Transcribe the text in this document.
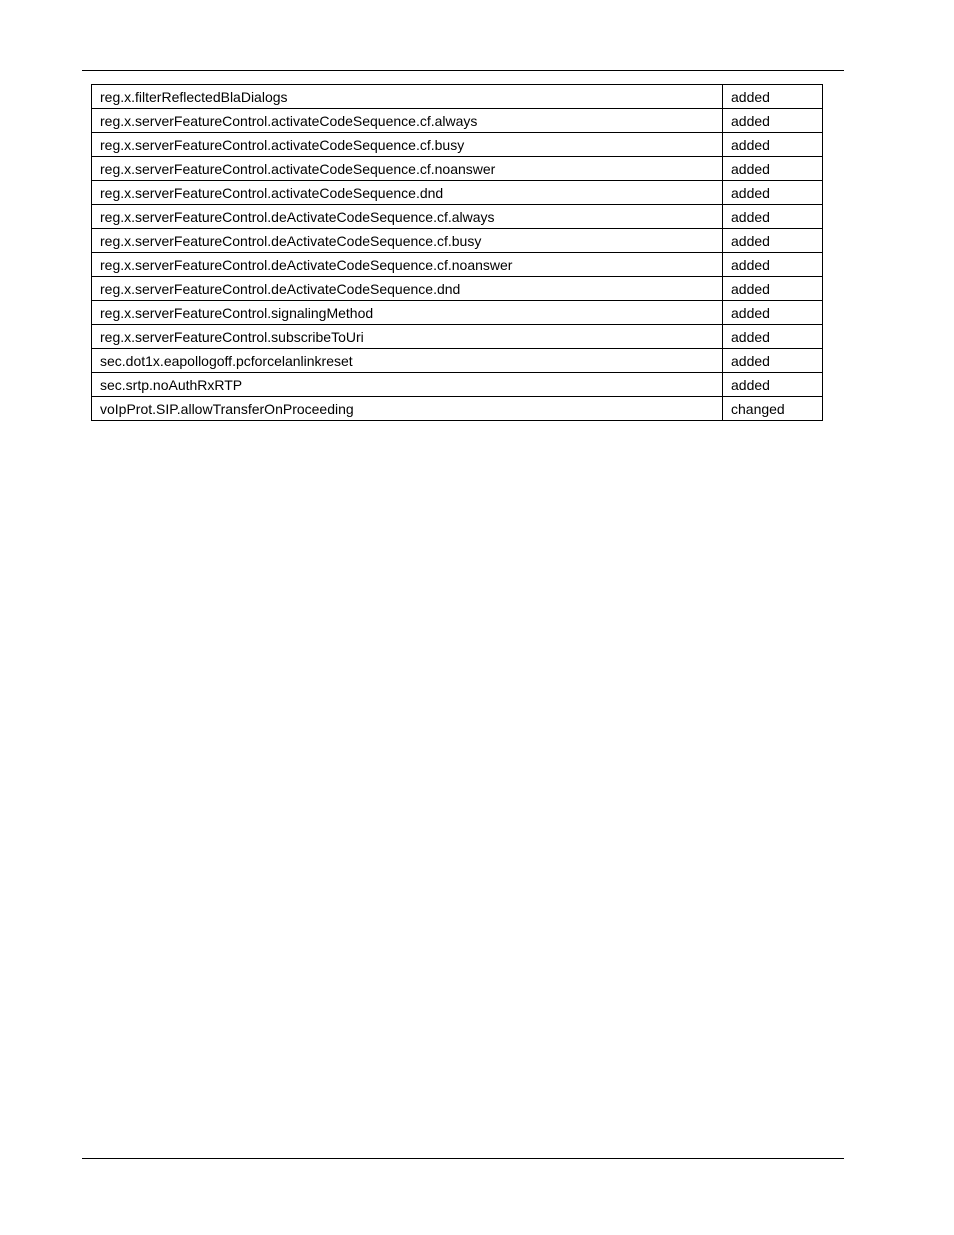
reg.x.filterReflectedBlaDialogs	added
reg.x.serverFeatureControl.activateCodeSequence.cf.always	added
reg.x.serverFeatureControl.activateCodeSequence.cf.busy	added
reg.x.serverFeatureControl.activateCodeSequence.cf.noanswer	added
reg.x.serverFeatureControl.activateCodeSequence.dnd	added
reg.x.serverFeatureControl.deActivateCodeSequence.cf.always	added
reg.x.serverFeatureControl.deActivateCodeSequence.cf.busy	added
reg.x.serverFeatureControl.deActivateCodeSequence.cf.noanswer	added
reg.x.serverFeatureControl.deActivateCodeSequence.dnd	added
reg.x.serverFeatureControl.signalingMethod	added
reg.x.serverFeatureControl.subscribeToUri	added
sec.dot1x.eapollogoff.pcforcelanlinkreset	added
sec.srtp.noAuthRxRTP	added
voIpProt.SIP.allowTransferOnProceeding	changed
